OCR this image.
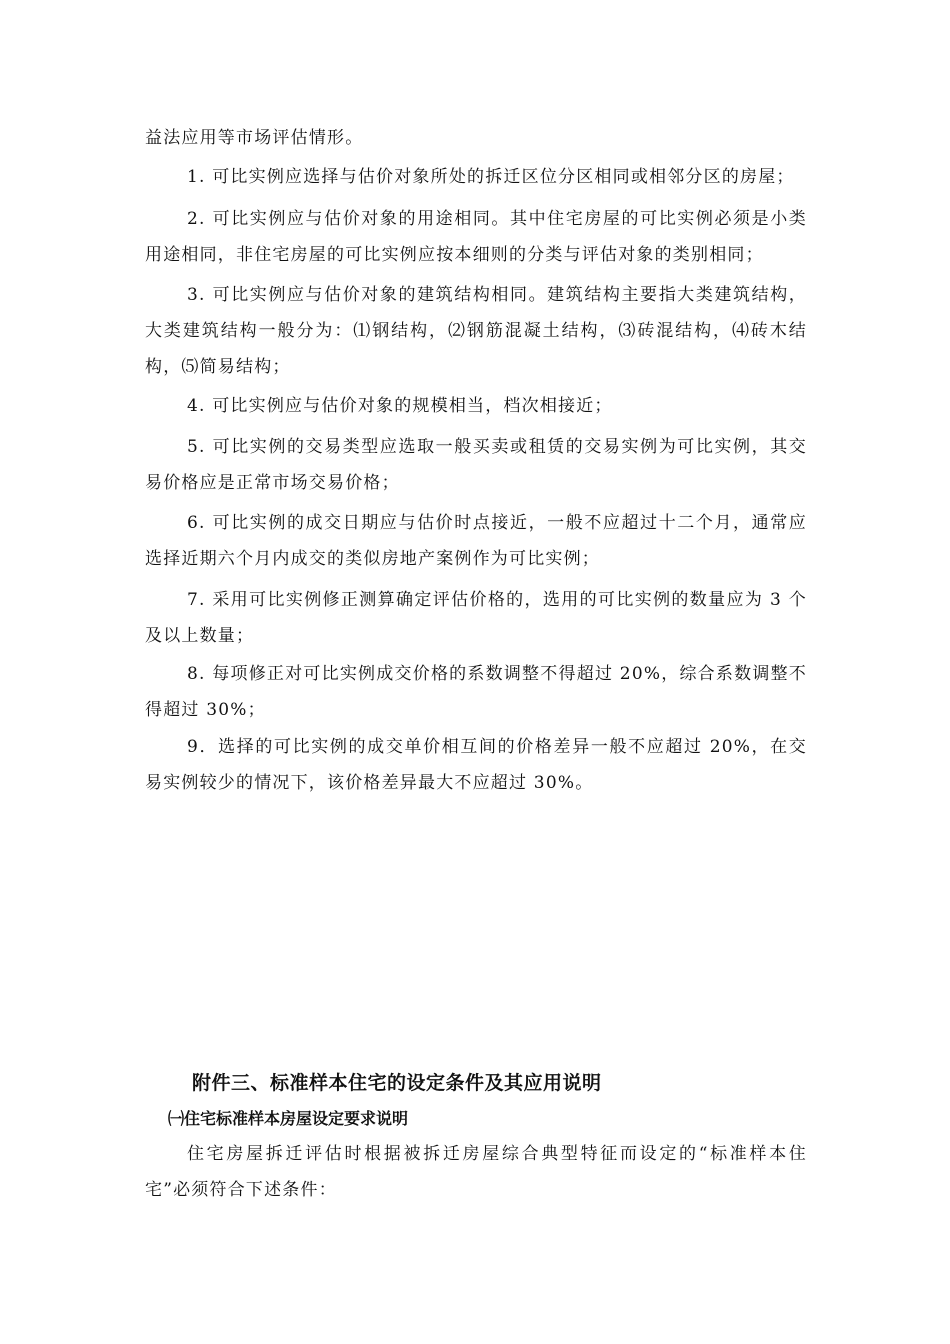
益法应用等市场评估情形。

1. 可比实例应选择与估价对象所处的拆迁区位分区相同或相邻分区的房屋；

2. 可比实例应与估价对象的用途相同。其中住宅房屋的可比实例必须是小类用途相同，非住宅房屋的可比实例应按本细则的分类与评估对象的类别相同；

3. 可比实例应与估价对象的建筑结构相同。建筑结构主要指大类建筑结构，大类建筑结构一般分为：⑴钢结构，⑵钢筋混凝土结构，⑶砖混结构，⑷砖木结构，⑸简易结构；

4. 可比实例应与估价对象的规模相当，档次相接近；

5. 可比实例的交易类型应选取一般买卖或租赁的交易实例为可比实例，其交易价格应是正常市场交易价格；

6. 可比实例的成交日期应与估价时点接近，一般不应超过十二个月，通常应选择近期六个月内成交的类似房地产案例作为可比实例；

7. 采用可比实例修正测算确定评估价格的，选用的可比实例的数量应为 3 个及以上数量；

8. 每项修正对可比实例成交价格的系数调整不得超过 20%，综合系数调整不得超过 30%；

9．选择的可比实例的成交单价相互间的价格差异一般不应超过 20%，在交易实例较少的情况下，该价格差异最大不应超过 30%。

附件三、标准样本住宅的设定条件及其应用说明
㈠住宅标准样本房屋设定要求说明

住宅房屋拆迁评估时根据被拆迁房屋综合典型特征而设定的“标准样本住宅”必须符合下述条件：
